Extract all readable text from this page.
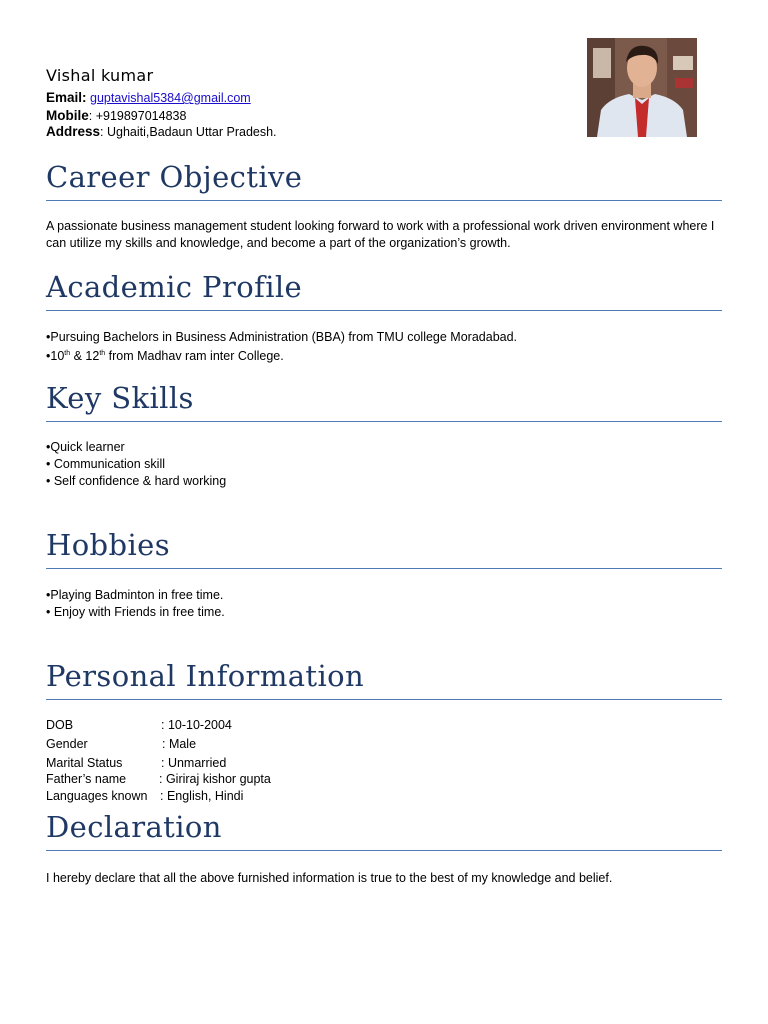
Vishal kumar
Email: guptavishal5384@gmail.com
Mobile: +919897014838
Address: Ughaiti,Badaun Uttar Pradesh.
Career Objective
A passionate business management student looking forward to work with a professional work driven environment where I can utilize my skills and knowledge, and become a part of the organization’s growth.
Academic Profile
•Pursuing Bachelors in Business Administration (BBA) from TMU college Moradabad.
•10th & 12th from Madhav ram inter College.
Key Skills
•Quick learner
• Communication skill
• Self confidence & hard working
Hobbies
•Playing Badminton in free time.
• Enjoy with Friends in free time.
Personal Information
DOB	: 10-10-2004
Gender	: Male
Marital Status	: Unmarried
Father’s name	: Giriraj kishor gupta
Languages known : English, Hindi
Declaration
I hereby declare that all the above furnished information is true to the best of my knowledge and belief.
